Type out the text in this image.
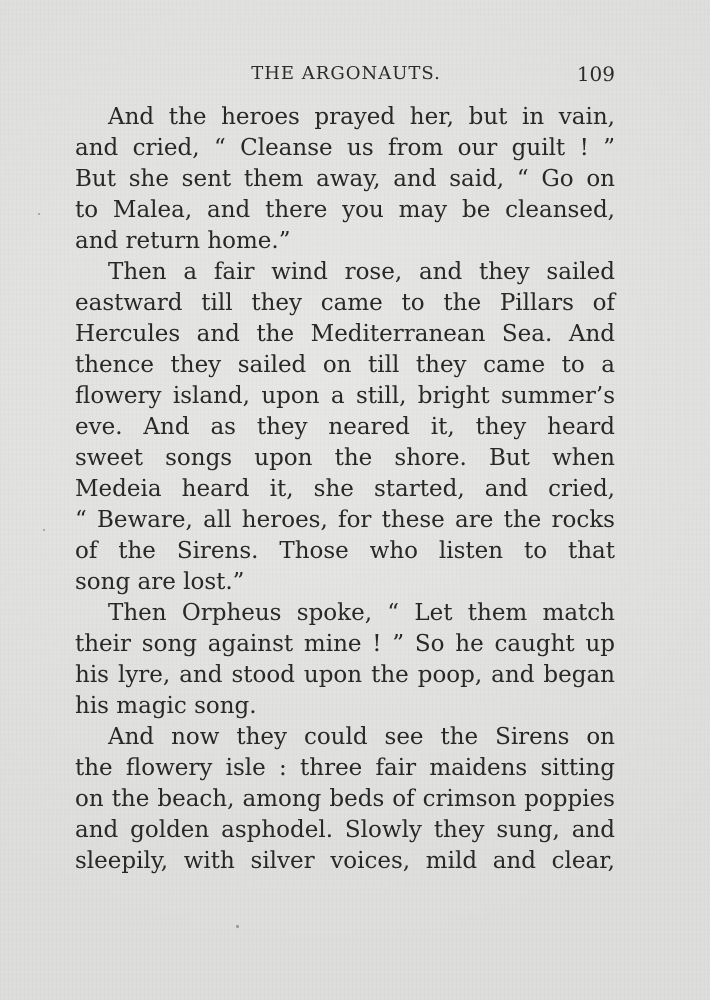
THE ARGONAUTS.	109
And the heroes prayed her, but in vain,
and cried, “ Cleanse us from our guilt ! ”
But she sent them away, and said, “ Go on
to Malea, and there you may be cleansed,
and return home.”
Then a fair wind rose, and they sailed
eastward till they came to the Pillars of
Hercules and the Mediterranean Sea. And
thence they sailed on till they came to a
flowery island, upon a still, bright summer’s
eve. And as they neared it, they heard
sweet songs upon the shore. But when
Medeia heard it, she started, and cried,
“ Beware, all heroes, for these are the rocks
of the Sirens. Those who listen to that
song are lost.”
Then Orpheus spoke, “ Let them match
their song against mine ! ” So he caught up
his lyre, and stood upon the poop, and began
his magic song.
And now they could see the Sirens on
the flowery isle : three fair maidens sitting
on the beach, among beds of crimson poppies
and golden asphodel. Slowly they sung, and
sleepily, with silver voices, mild and clear,
